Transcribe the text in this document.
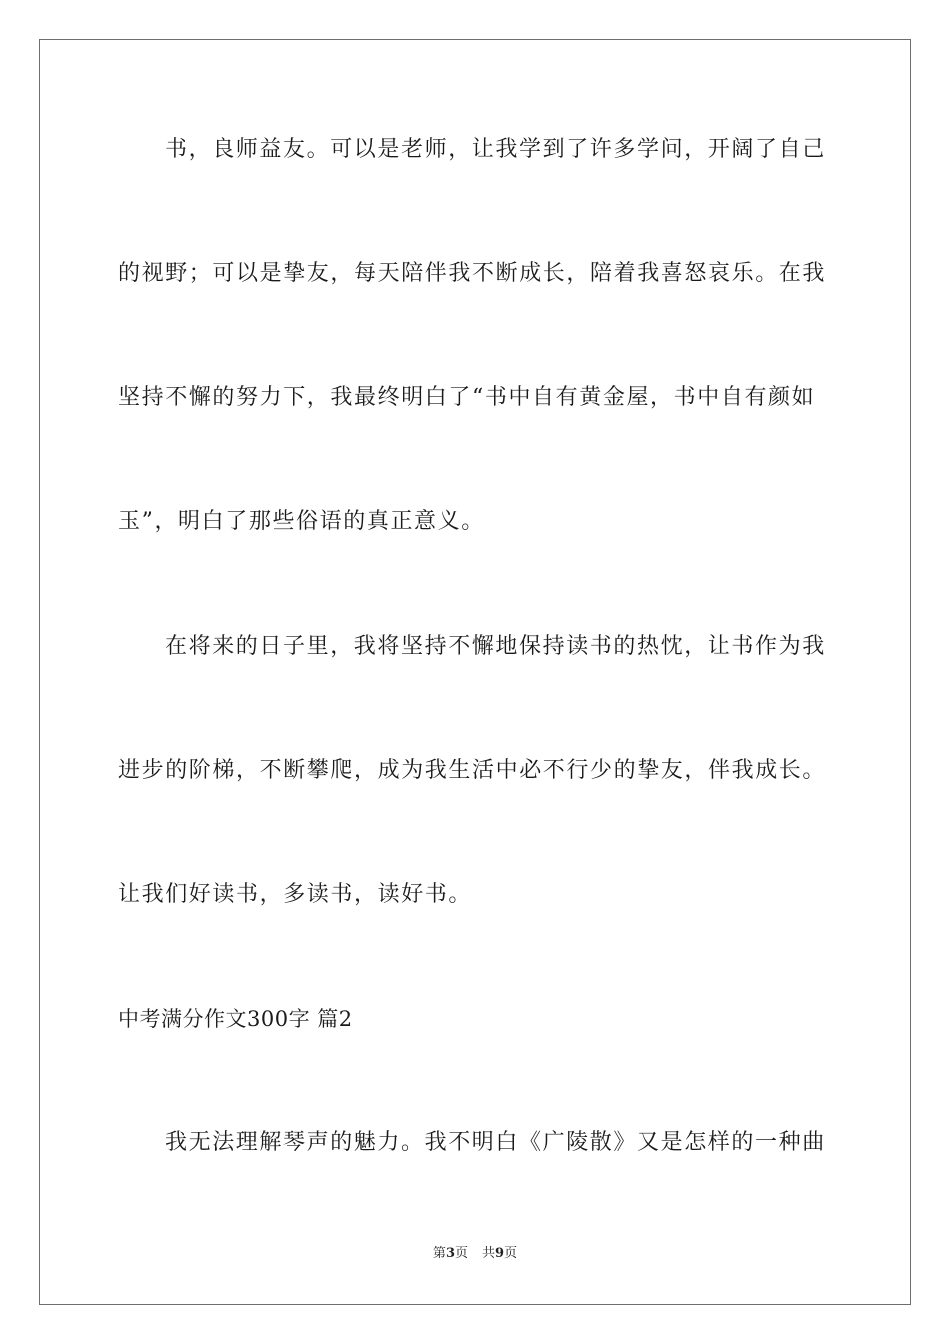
书，良师益友。可以是老师，让我学到了许多学问，开阔了自己
的视野；可以是挚友，每天陪伴我不断成长，陪着我喜怒哀乐。在我
坚持不懈的努力下，我最终明白了“书中自有黄金屋，书中自有颜如
玉”，明白了那些俗语的真正意义。
在将来的日子里，我将坚持不懈地保持读书的热忱，让书作为我
进步的阶梯，不断攀爬，成为我生活中必不行少的挚友，伴我成长。
让我们好读书，多读书，读好书。
中考满分作文300字 篇2
我无法理解琴声的魅力。我不明白《广陵散》又是怎样的一种曲
第3页 共9页
